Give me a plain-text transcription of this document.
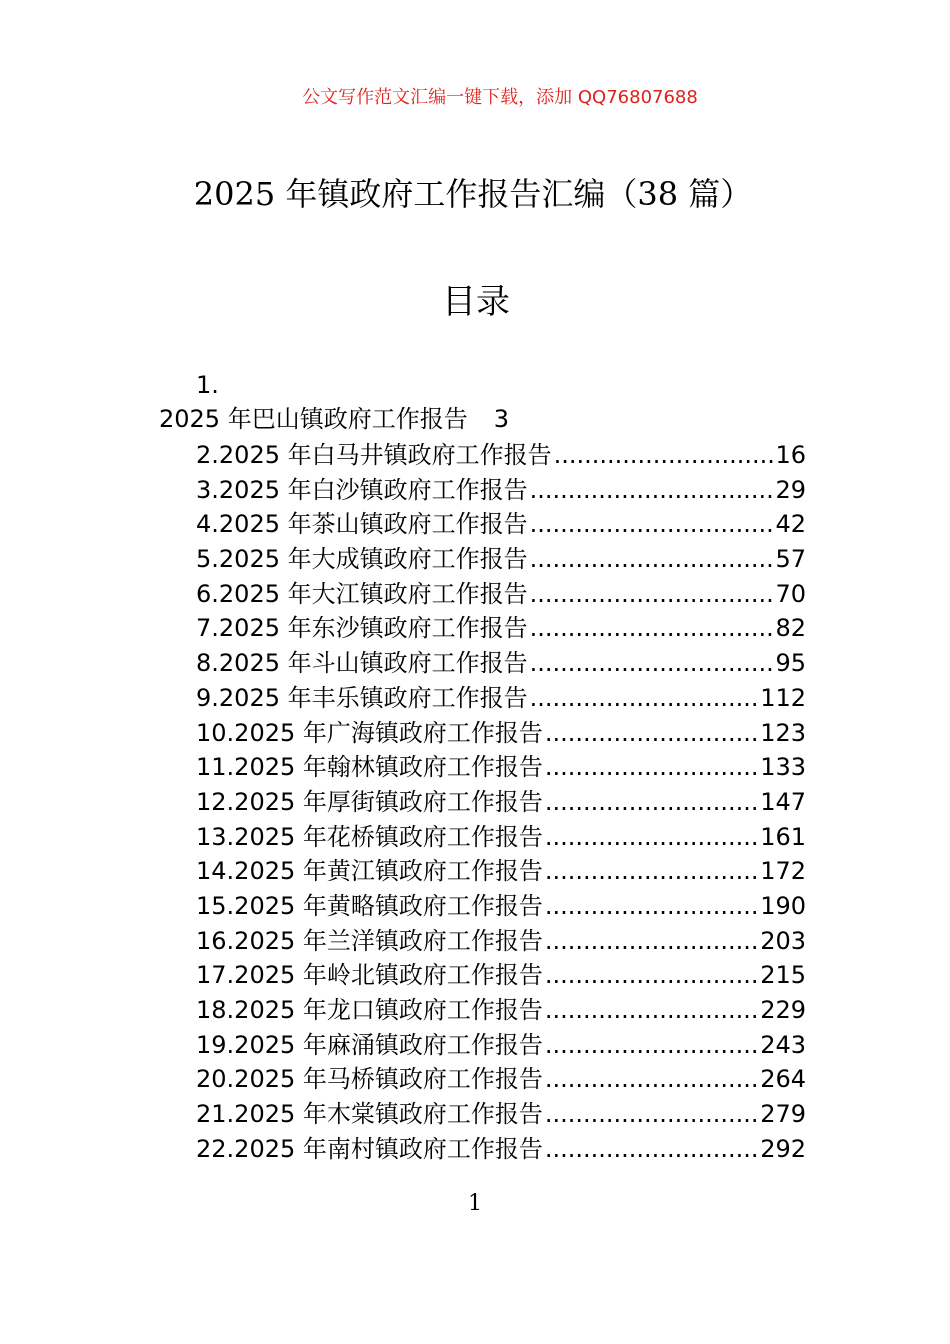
公文写作范文汇编一键下载，添加 QQ76807688
2025 年镇政府工作报告汇编（38 篇）
目录
1.
2025 年巴山镇政府工作报告 3
2.2025 年白马井镇政府工作报告 .....	16
3.2025 年白沙镇政府工作报告 .....	29
4.2025 年茶山镇政府工作报告 .....	42
5.2025 年大成镇政府工作报告 .....	57
6.2025 年大江镇政府工作报告 .....	70
7.2025 年东沙镇政府工作报告 .....	82
8.2025 年斗山镇政府工作报告 .....	95
9.2025 年丰乐镇政府工作报告 .....	112
10.2025 年广海镇政府工作报告 .....	123
11.2025 年翰林镇政府工作报告 .....	133
12.2025 年厚街镇政府工作报告 .....	147
13.2025 年花桥镇政府工作报告 .....	161
14.2025 年黄江镇政府工作报告 .....	172
15.2025 年黄略镇政府工作报告 .....	190
16.2025 年兰洋镇政府工作报告 .....	203
17.2025 年岭北镇政府工作报告 .....	215
18.2025 年龙口镇政府工作报告 .....	229
19.2025 年麻涌镇政府工作报告 .....	243
20.2025 年马桥镇政府工作报告 .....	264
21.2025 年木棠镇政府工作报告 .....	279
22.2025 年南村镇政府工作报告 .....	292
1
